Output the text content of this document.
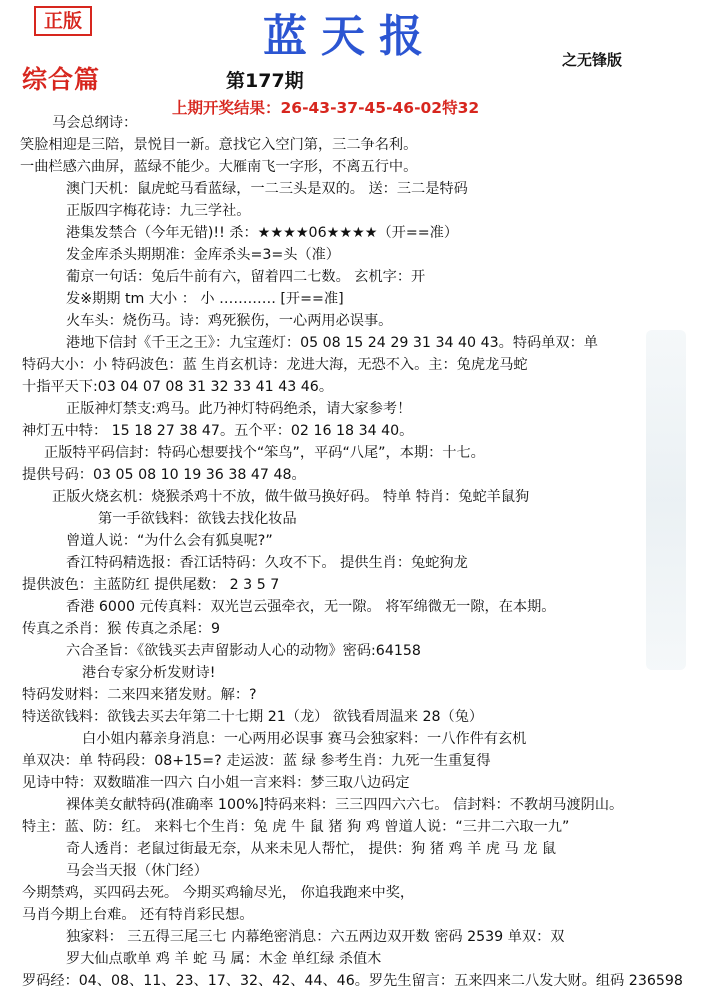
正版	蓝天报	之无锋版
综合篇	第177期
上期开奖结果：26-43-37-45-46-02特32
马会总纲诗：
笑脸相迎是三陪，景悦目一新。意找它入空门第，三二争名利。
一曲栏感六曲屏，蓝绿不能少。大雁南飞一字形，不离五行中。
澳门天机：鼠虎蛇马看蓝绿，一二三头是双的。 送：三二是特码
正版四字梅花诗：九三学社。
港集发禁合（今年无错)!! 杀：★★★★06★★★★（开==准）
发金库杀头期期准：金库杀头=3=头（准）
葡京一句话：兔后牛前有六，留着四二七数。 玄机字：开
发※期期 tm 大小 ： 小 ………… [开==准]
火车头：烧伤马。诗：鸡死猴伤，一心两用必误事。
港地下信封《千王之王》：九宝莲灯：05 08 15 24 29 31 34 40 43。特码单双：单
特码大小：小 特码波色：蓝 生肖玄机诗：龙进大海，无恐不入。主：兔虎龙马蛇
十指平天下:03 04 07 08 31 32 33 41 43 46。
正版神灯禁支:鸡马。此乃神灯特码绝杀，请大家参考！
神灯五中特： 15 18 27 38 47。五个平：02 16 18 34 40。
正版特平码信封：特码心想要找个“笨鸟”，平码“八尾”，本期：十七。
提供号码：03 05 08 10 19 36 38 47 48。
正版火烧玄机：烧猴杀鸡十不放，做牛做马换好码。 特单 特肖：兔蛇羊鼠狗
第一手欲钱料：欲钱去找化妆品
曾道人说：“为什么会有狐臭呢?”
香江特码精选报：香江话特码：久攻不下。 提供生肖：兔蛇狗龙
提供波色：主蓝防红 提供尾数： 2 3 5 7
香港 6000 元传真料：双光岂云强牵衣，无一隙。 将军绵微无一隙，在本期。
传真之杀肖：猴 传真之杀尾：9
六合圣旨：《欲钱买去声留影动人心的动物》密码:64158
港台专家分析发财诗!
特码发财料：二来四来猪发财。解：?
特送欲钱料：欲钱去买去年第二十七期 21（龙） 欲钱看周温来 28（兔）
白小姐内幕亲身消息：一心两用必误事 赛马会独家料：一八作件有玄机
单双决：单 特码段：08+15=? 走运波：蓝 绿 参考生肖：九死一生重复得
见诗中特：双数瞄准一四六 白小姐一言来料：梦三取八边码定
裸体美女献特码(准确率 100%]特码来料：三三四四六六七。 信封料：不教胡马渡阴山。
特主：蓝、防：红。 来料七个生肖：兔 虎 牛 鼠 猪 狗 鸡 曾道人说：“三井二六取一九”
奇人透肖：老鼠过街最无奈，从来未见人帮忙， 提供：狗 猪 鸡 羊 虎 马 龙 鼠
马会当天报（休门经）
今期禁鸡，买四码去死。 今期买鸡输尽光， 你追我跑来中奖，
马肖今期上台难。 还有特肖彩民想。
独家料： 三五得三尾三七 内幕绝密消息：六五两边双开数 密码 2539 单双：双
罗大仙点歌单 鸡 羊 蛇 马 属：木金 单红绿 杀值木
罗码经：04、08、11、23、17、32、42、44、46。罗先生留言：五来四来二八发大财。组码 236598
